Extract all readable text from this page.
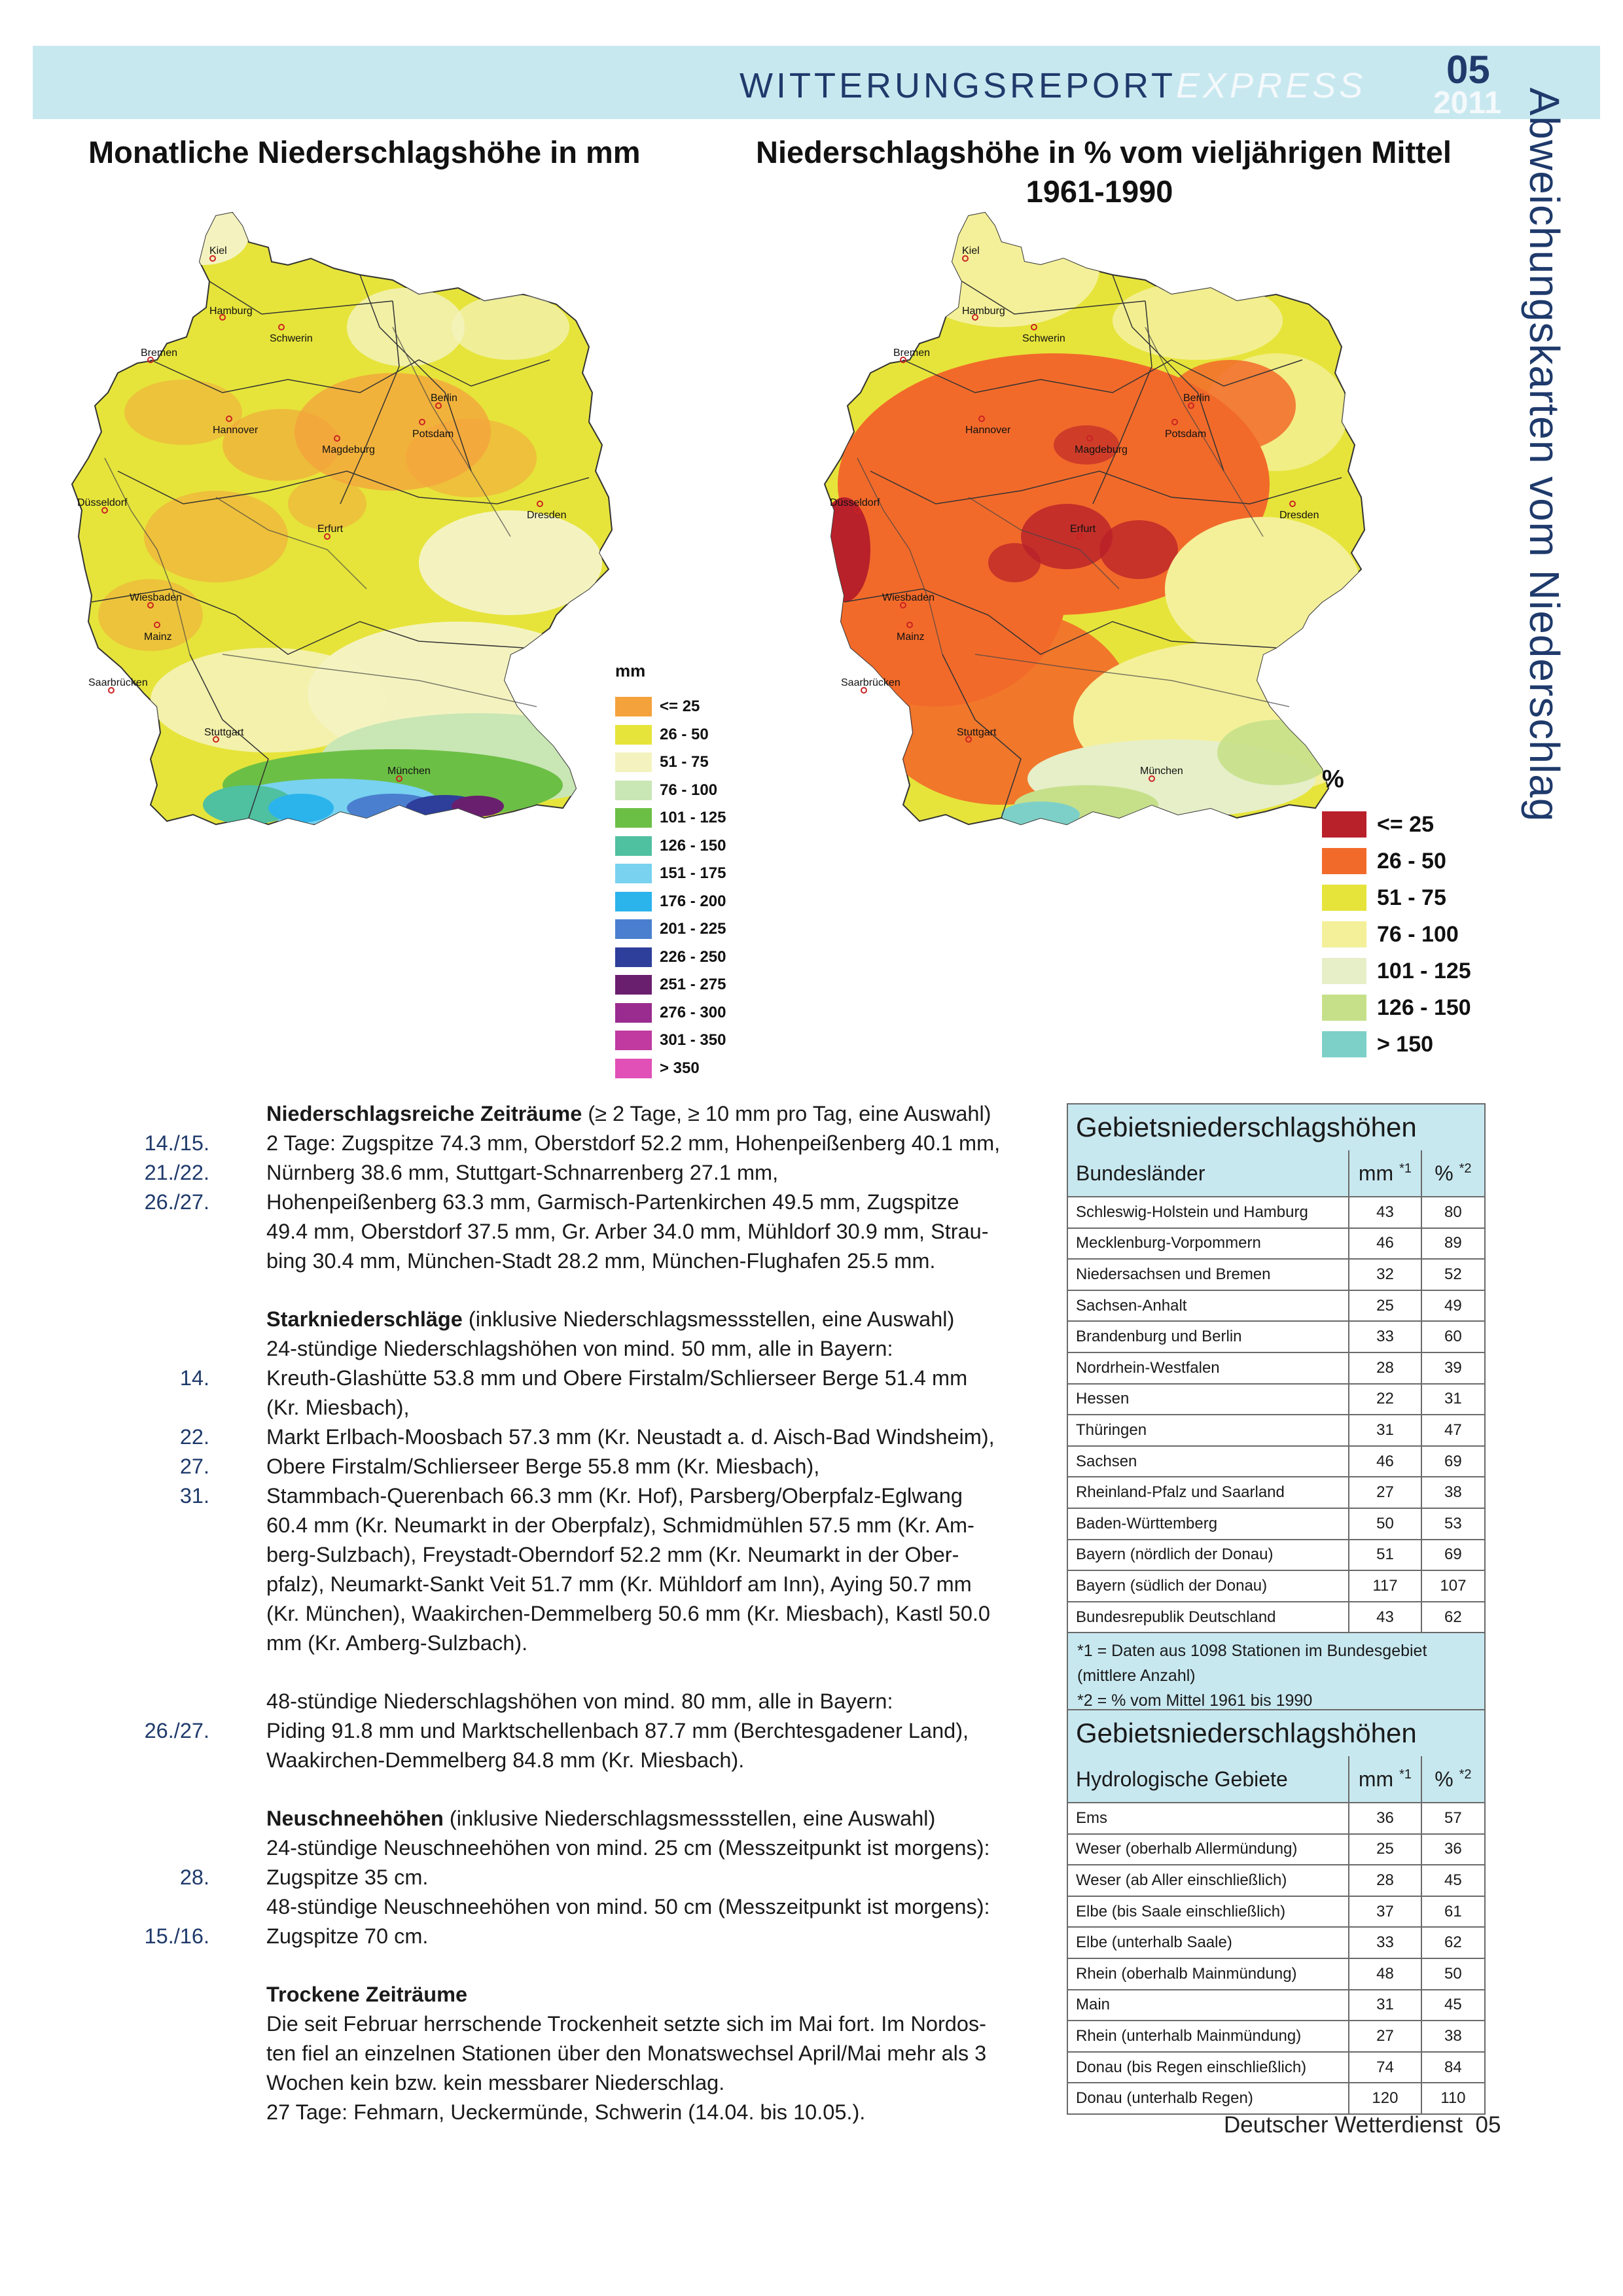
WITTERUNGSREPORTEXPRESS 05
2011 Abweichungskarten vom Niederschlag
Monatliche Niederschlagshöhe in mm	Niederschlagshöhe in % vom vieljährigen Mittel
1961-1990
Kiel
Hamburg
Schwerin
Bremen
Berlin
Potsdam
Hannover
Magdeburg
Düsseldorf
Dresden
Erfurt
Wiesbaden
Mainz
Saarbrücken
Stuttgart
München
mm
<= 25
26 - 50
51 - 75
76 - 100
101 - 125
126 - 150
151 - 175
176 - 200
201 - 225
226 - 250
251 - 275
276 - 300
301 - 350
> 350
Kiel
Hamburg
Schwerin
Bremen
Berlin
Potsdam
Hannover
Magdeburg
Düsseldorf
Dresden
Erfurt
Wiesbaden
Mainz
Saarbrücken
Stuttgart
München	%
<= 25
26 - 50
51 - 75
76 - 100
101 - 125
126 - 150
> 150
Niederschlagsreiche Zeiträume (≥ 2 Tage, ≥ 10 mm pro Tag, eine Auswahl)
14./15.	2 Tage: Zugspitze 74.3 mm, Oberstdorf 52.2 mm, Hohenpeißenberg 40.1 mm,
21./22.	Nürnberg 38.6 mm, Stuttgart-Schnarrenberg 27.1 mm,
26./27.	Hohenpeißenberg 63.3 mm, Garmisch-Partenkirchen 49.5 mm, Zugspitze
49.4 mm, Oberstdorf 37.5 mm, Gr. Arber 34.0 mm, Mühldorf 30.9 mm, Strau-
bing 30.4 mm, München-Stadt 28.2 mm, München-Flughafen 25.5 mm.
Starkniederschläge (inklusive Niederschlagsmessstellen, eine Auswahl)
24-stündige Niederschlagshöhen von mind. 50 mm, alle in Bayern:
14.	Kreuth-Glashütte 53.8 mm und Obere Firstalm/Schlierseer Berge 51.4 mm
(Kr. Miesbach),
22.	Markt Erlbach-Moosbach 57.3 mm (Kr. Neustadt a. d. Aisch-Bad Windsheim),
27.	Obere Firstalm/Schlierseer Berge 55.8 mm (Kr. Miesbach),
31.	Stammbach-Querenbach 66.3 mm (Kr. Hof), Parsberg/Oberpfalz-Eglwang
60.4 mm (Kr. Neumarkt in der Oberpfalz), Schmidmühlen 57.5 mm (Kr. Am-
berg-Sulzbach), Freystadt-Oberndorf 52.2 mm (Kr. Neumarkt in der Ober-
pfalz), Neumarkt-Sankt Veit 51.7 mm (Kr. Mühldorf am Inn), Aying 50.7 mm
(Kr. München), Waakirchen-Demmelberg 50.6 mm (Kr. Miesbach), Kastl 50.0
mm (Kr. Amberg-Sulzbach).
48-stündige Niederschlagshöhen von mind. 80 mm, alle in Bayern:
26./27.	Piding 91.8 mm und Marktschellenbach 87.7 mm (Berchtesgadener Land),
Waakirchen-Demmelberg 84.8 mm (Kr. Miesbach).
Neuschneehöhen (inklusive Niederschlagsmessstellen, eine Auswahl)
24-stündige Neuschneehöhen von mind. 25 cm (Messzeitpunkt ist morgens):
28.	Zugspitze 35 cm.
48-stündige Neuschneehöhen von mind. 50 cm (Messzeitpunkt ist morgens):
15./16.	Zugspitze 70 cm.
Trockene Zeiträume
Die seit Februar herrschende Trockenheit setzte sich im Mai fort. Im Nordos-
ten fiel an einzelnen Stationen über den Monatswechsel April/Mai mehr als 3
Wochen kein bzw. kein messbarer Niederschlag.
27 Tage: Fehmarn, Ueckermünde, Schwerin (14.04. bis 10.05.).
Gebietsniederschlagshöhen		
Bundesländer	mm $^{*1}$	% $^{*2}$
Schleswig-Holstein und Hamburg	43	80
Mecklenburg-Vorpommern	46	89
Niedersachsen und Bremen	32	52
Sachsen-Anhalt	25	49
Brandenburg und Berlin	33	60
Nordrhein-Westfalen	28	39
Hessen	22	31
Thüringen	31	47
Sachsen	46	69
Rheinland-Pfalz und Saarland	27	38
Baden-Württemberg	50	53
Bayern (nördlich der Donau)	51	69
Bayern (südlich der Donau)	117	107
Bundesrepublik Deutschland	43	62
*1 = Daten aus 1098 Stationen im Bundesgebiet (mittlere Anzahl)
*2 = % vom Mittel 1961 bis 1990		
Gebietsniederschlagshöhen		
Hydrologische Gebiete	mm $^{*1}$	% $^{*2}$
Ems	36	57
Weser (oberhalb Allermündung)	25	36
Weser (ab Aller einschließlich)	28	45
Elbe (bis Saale einschließlich)	37	61
Elbe (unterhalb Saale)	33	62
Rhein (oberhalb Mainmündung)	48	50
Main	31	45
Rhein (unterhalb Mainmündung)	27	38
Donau (bis Regen einschließlich)	74	84
Donau (unterhalb Regen)	120	110
Deutscher Wetterdienst 05
